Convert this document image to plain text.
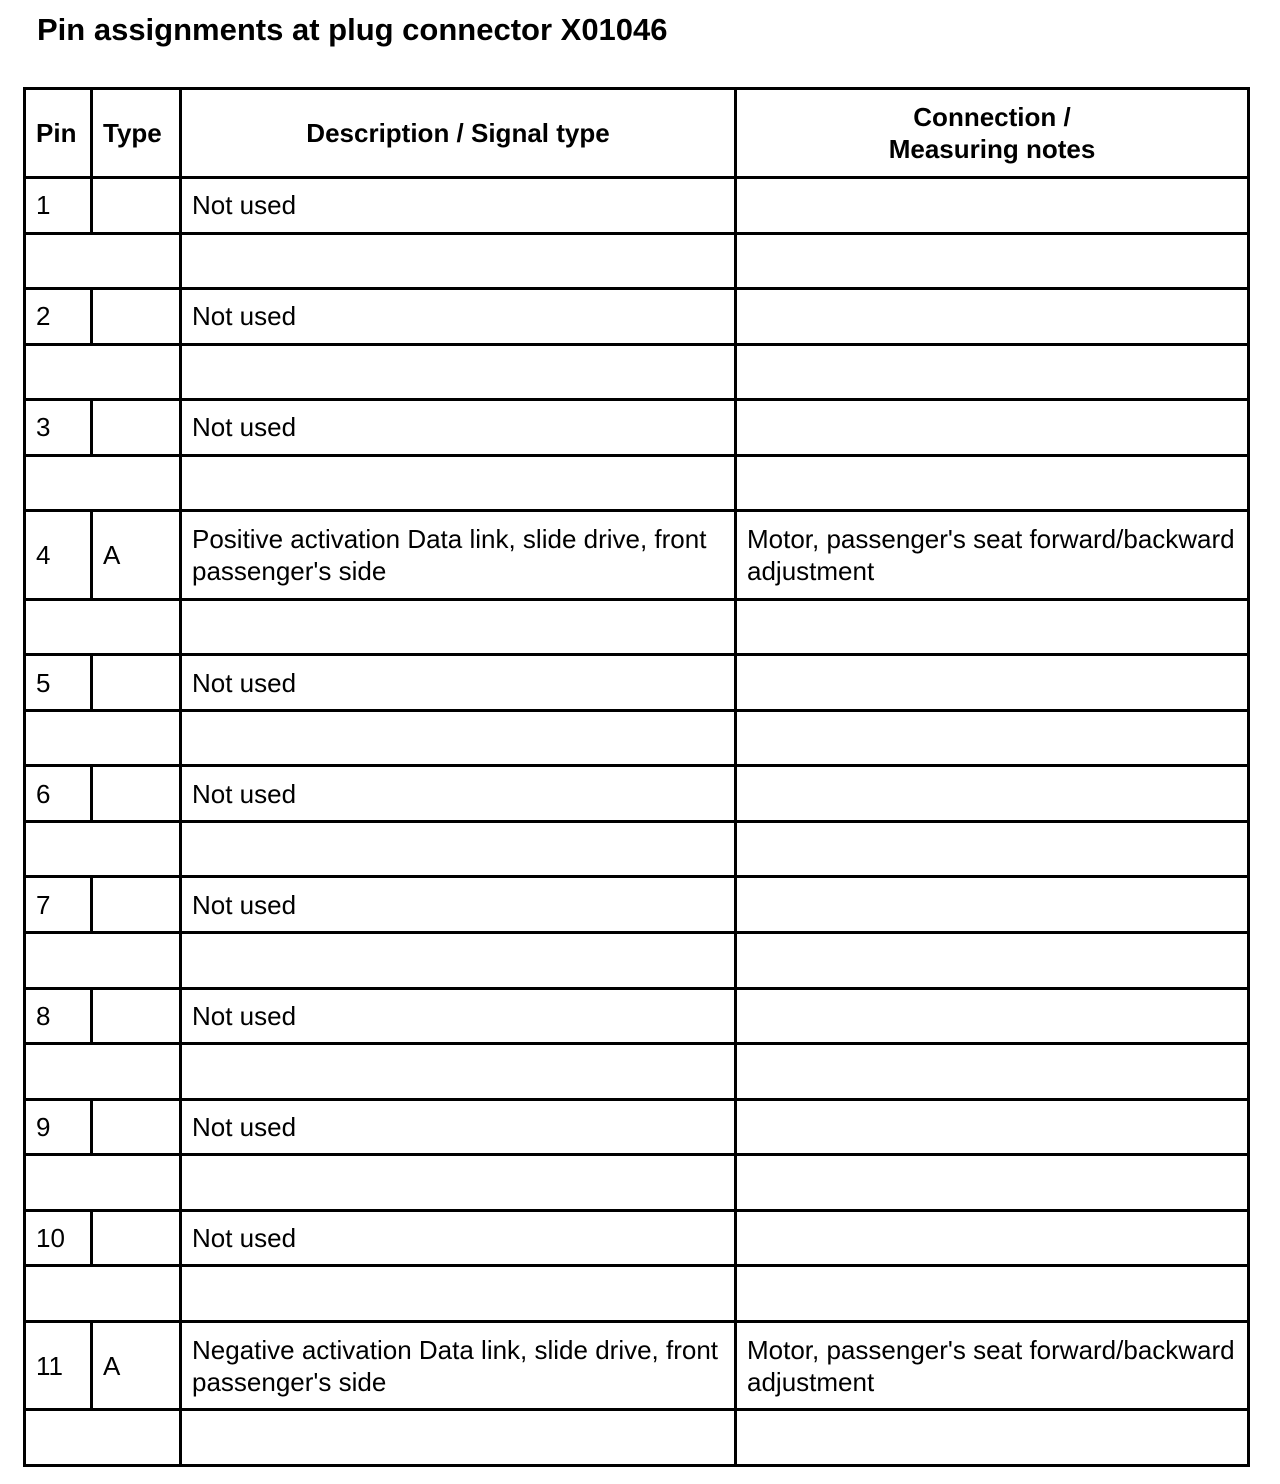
Pin assignments at plug connector X01046
Pin	Type	Description / Signal type	Connection /
Measuring notes
1		Not used	

2		Not used	

3		Not used	

4	A	Positive activation Data link, slide drive, front passenger's side	Motor, passenger's seat forward/backward adjustment

5		Not used	

6		Not used	

7		Not used	

8		Not used	

9		Not used	

10		Not used	

11	A	Negative activation Data link, slide drive, front passenger's side	Motor, passenger's seat forward/backward adjustment
